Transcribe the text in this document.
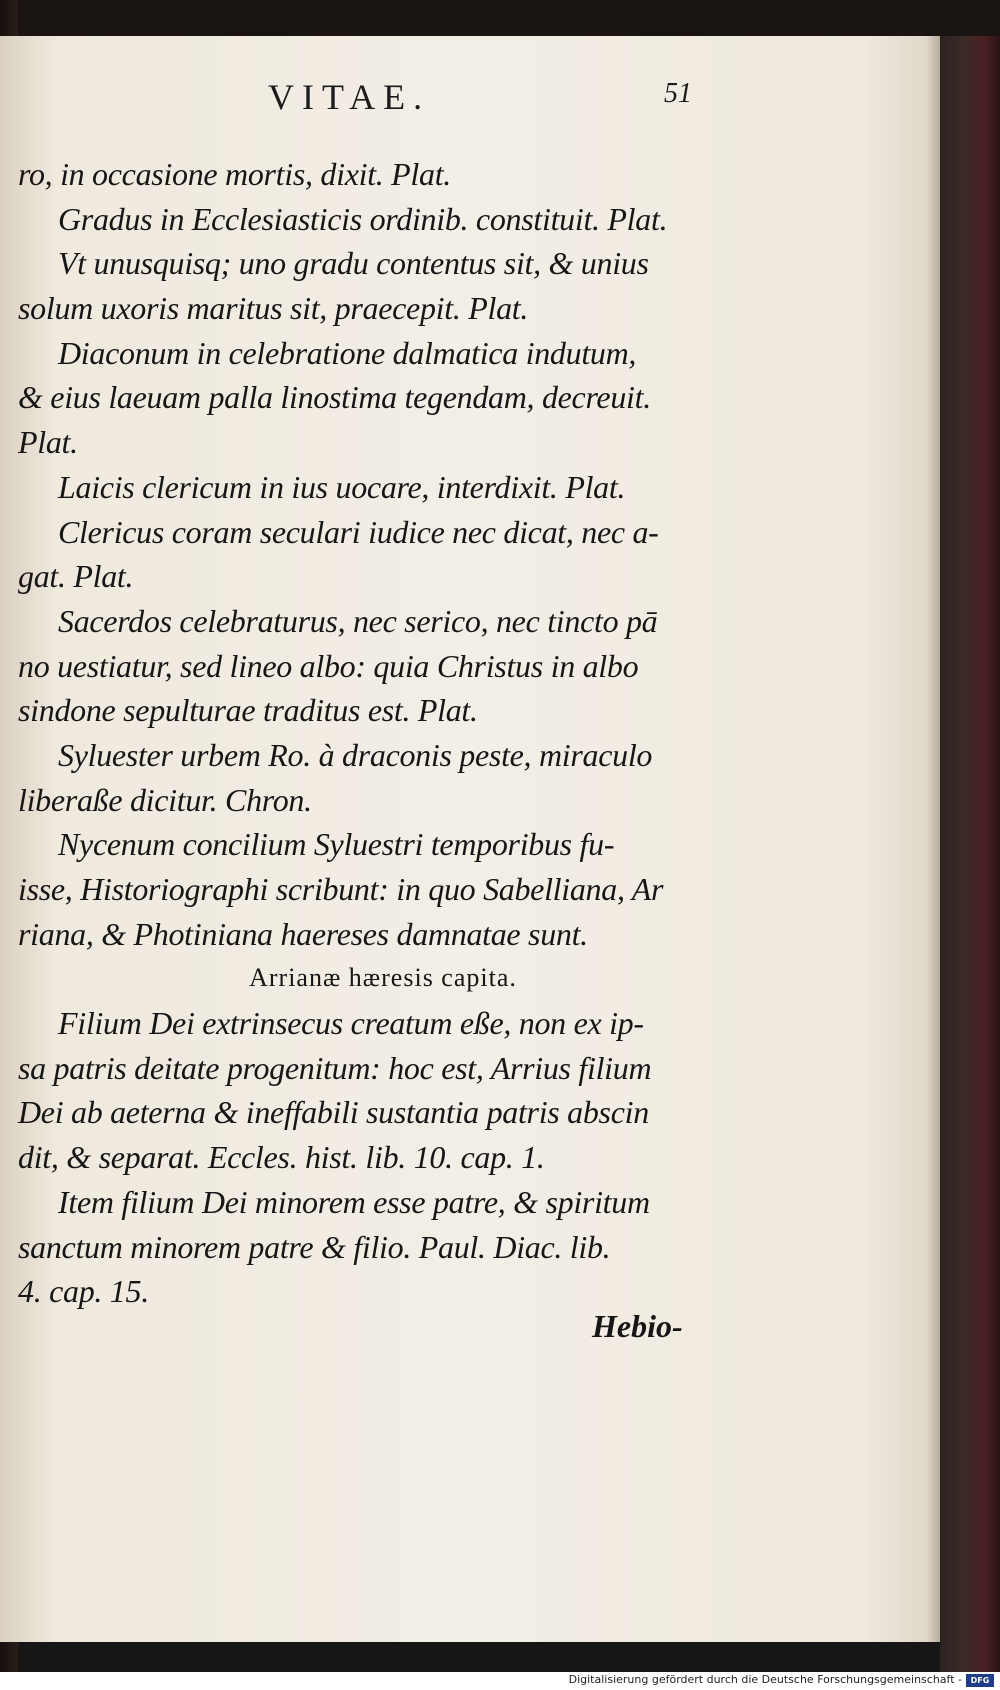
VITAE.	51
ro, in occasione mortis, dixit. Plat.
Gradus in Ecclesiasticis ordinib. constituit. Plat.
Vt unusquisq; uno gradu contentus sit, & unius
solum uxoris maritus sit, praecepit. Plat.
Diaconum in celebratione dalmatica indutum,
& eius laeuam palla linostima tegendam, decreuit.
Plat.
Laicis clericum in ius uocare, interdixit. Plat.
Clericus coram seculari iudice nec dicat, nec a-
gat. Plat.
Sacerdos celebraturus, nec serico, nec tincto pā
no uestiatur, sed lineo albo: quia Christus in albo
sindone sepulturae traditus est. Plat.
Syluester urbem Ro. à draconis peste, miraculo
liberaße dicitur. Chron.
Nycenum concilium Syluestri temporibus fu-
isse, Historiographi scribunt: in quo Sabelliana, Ar
riana, & Photiniana haereses damnatae sunt.
Arrianæ hæresis capita.
Filium Dei extrinsecus creatum eße, non ex ip-
sa patris deitate progenitum: hoc est, Arrius filium
Dei ab aeterna & ineffabili sustantia patris abscin
dit, & separat. Eccles. hist. lib. 10. cap. 1.
Item filium Dei minorem esse patre, & spiritum
sanctum minorem patre & filio. Paul. Diac. lib.
4. cap. 15.
Hebio-
Digitalisierung gefördert durch die Deutsche Forschungsgemeinschaft -	DFG
